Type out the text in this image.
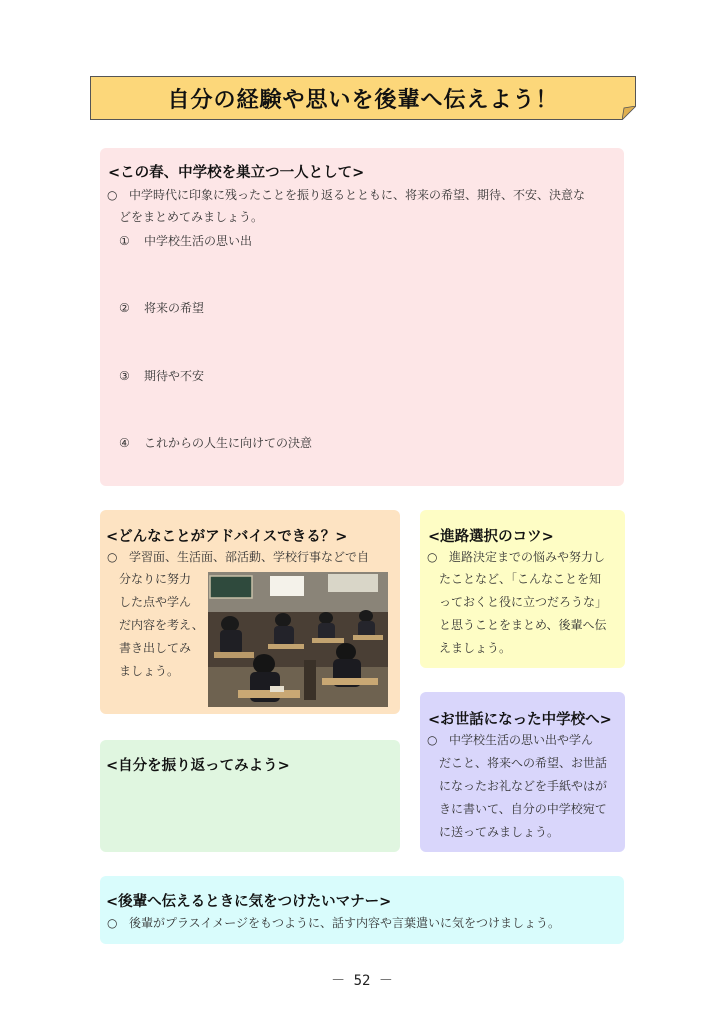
自分の経験や思いを後輩へ伝えよう！
<この春、中学校を巣立つ一人として>
○ 中学時代に印象に残ったことを振り返るとともに、将来の希望、期待、不安、決意な
どをまとめてみましょう。
① 中学校生活の思い出
② 将来の希望
③ 期待や不安
④ これからの人生に向けての決意
<どんなことがアドバイスできる？>
○ 学習面、生活面、部活動、学校行事などで自
分なりに努力
した点や学ん
だ内容を考え、
書き出してみ
ましょう。
<進路選択のコツ>
○ 進路決定までの悩みや努力し
たことなど、「こんなことを知
っておくと役に立つだろうな」
と思うことをまとめ、後輩へ伝
えましょう。
<自分を振り返ってみよう>
<お世話になった中学校へ>
○ 中学校生活の思い出や学ん
だこと、将来への希望、お世話
になったお礼などを手紙やはが
きに書いて、自分の中学校宛て
に送ってみましょう。
<後輩へ伝えるときに気をつけたいマナー>
○ 後輩がプラスイメージをもつように、話す内容や言葉遣いに気をつけましょう。
－ 52 －
